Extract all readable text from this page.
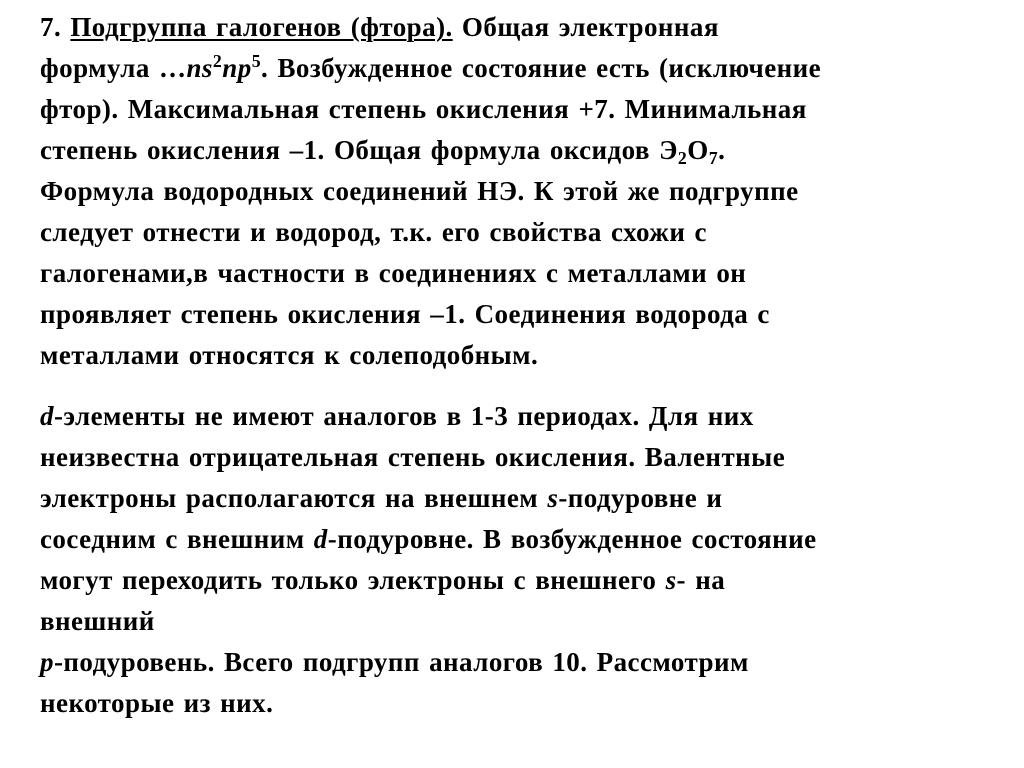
7. Подгруппа галогенов (фтора). Общая электронная
формула $\dots ns^2np^5$. Возбужденное состояние есть (исключение
фтор). Максимальная степень окисления +7. Минимальная
степень окисления –1. Общая формула оксидов $Э_2O_7$.
Формула водородных соединений НЭ. К этой же подгруппе
следует отнести и водород, т.к. его свойства схожи с
галогенами,в частности в соединениях с металлами он
проявляет степень окисления –1. Соединения водорода с
металлами относятся к солеподобным.
d-элементы не имеют аналогов в 1-3 периодах. Для них
неизвестна отрицательная степень окисления. Валентные
электроны располагаются на внешнем s-подуровне и
соседним с внешним d-подуровне. В возбужденное состояние
могут переходить только электроны с внешнего s- на
внешний
p-подуровень. Всего подгрупп аналогов 10. Рассмотрим
некоторые из них.
